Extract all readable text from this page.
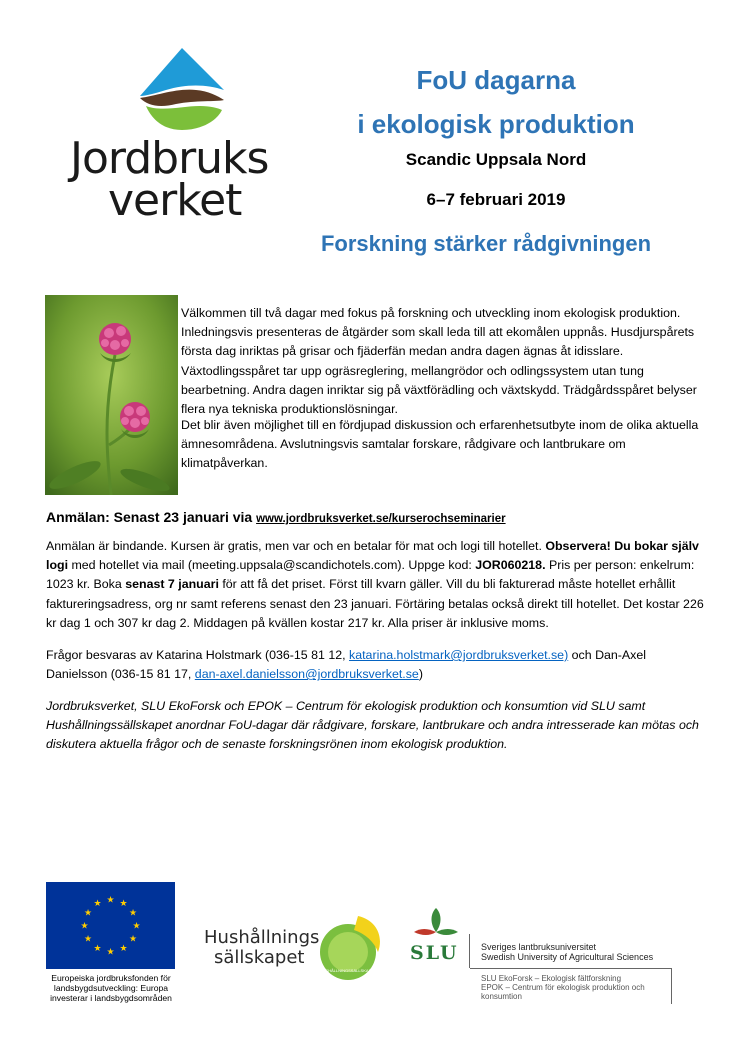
Jordbruks
verket
FoU dagarna
i ekologisk produktion
Scandic Uppsala Nord
6–7 februari 2019
Forskning stärker rådgivningen
Välkommen till två dagar med fokus på forskning och utveckling inom ekologisk produktion. Inledningsvis presenteras de åtgärder som skall leda till att ekomålen uppnås. Husdjurspårets första dag inriktas på grisar och fjäderfän medan andra dagen ägnas åt idisslare. Växtodlingsspåret tar upp ogräsreglering, mellangrödor och odlingssystem utan tung bearbetning. Andra dagen inriktar sig på växtförädling och växtskydd. Trädgårdsspåret belyser flera nya tekniska produktionslösningar.
Det blir även möjlighet till en fördjupad diskussion och erfarenhetsutbyte inom de olika aktuella ämnesområdena. Avslutningsvis samtalar forskare, rådgivare och lantbrukare om klimatpåverkan.
Anmälan: Senast 23 januari via www.jordbruksverket.se/kurserochseminarier
Anmälan är bindande. Kursen är gratis, men var och en betalar för mat och logi till hotellet. Observera! Du bokar själv logi med hotellet via mail (meeting.uppsala@scandichotels.com). Uppge kod: JOR060218. Pris per person: enkelrum: 1023 kr. Boka senast 7 januari för att få det priset. Först till kvarn gäller. Vill du bli fakturerad måste hotellet erhållit faktureringsadress, org nr samt referens senast den 23 januari. Förtäring betalas också direkt till hotellet. Det kostar 226 kr dag 1 och 307 kr dag 2. Middagen på kvällen kostar 217 kr. Alla priser är inklusive moms.
Frågor besvaras av Katarina Holstmark (036-15 81 12, katarina.holstmark@jordbruksverket.se) och Dan-Axel Danielsson (036-15 81 17, dan-axel.danielsson@jordbruksverket.se)
Jordbruksverket, SLU EkoForsk och EPOK – Centrum för ekologisk produktion och konsumtion vid SLU samt Hushållningssällskapet anordnar FoU-dagar där rådgivare, forskare, lantbrukare och andra intresserade kan mötas och diskutera aktuella frågor och de senaste forskningsrönen inom ekologisk produktion.
★ ★
★
★
★
★
★
★
★
★
★
★
Europeiska jordbruksfonden för landsbygdsutveckling: Europa investerar i landsbygdsområden
Hushållnings
sällskapet
HUSHÅLLNINGSSÄLLSKAPET
SLU Sveriges lantbruksuniversitet
Swedish University of Agricultural Sciences
SLU EkoForsk – Ekologisk fältforskning
EPOK – Centrum för ekologisk produktion och konsumtion
